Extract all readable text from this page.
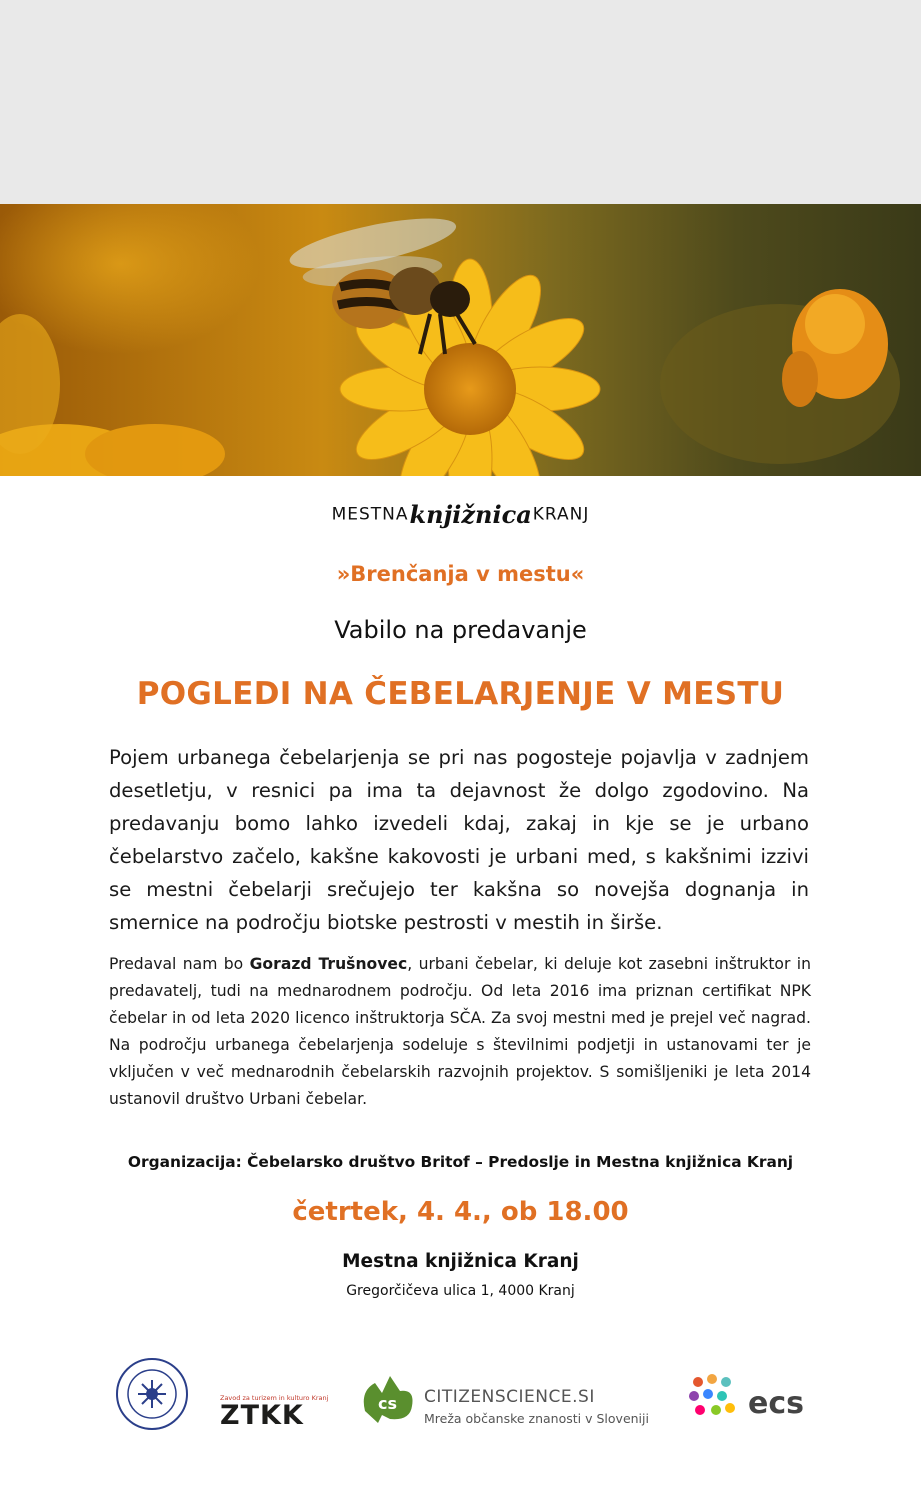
MESTNAknjižnicaKRANJ
»Brenčanja v mestu«
Vabilo na predavanje
POGLEDI NA ČEBELARJENJE V MESTU
Pojem urbanega čebelarjenja se pri nas pogosteje pojavlja v zadnjem desetletju, v resnici pa ima ta dejavnost že dolgo zgodovino. Na predavanju bomo lahko izvedeli kdaj, zakaj in kje se je urbano čebelarstvo začelo, kakšne kakovosti je urbani med, s kakšnimi izzivi se mestni čebelarji srečujejo ter kakšna so novejša dognanja in smernice na področju biotske pestrosti v mestih in širše.
Predaval nam bo Gorazd Trušnovec, urbani čebelar, ki deluje kot zasebni inštruktor in predavatelj, tudi na mednarodnem področju. Od leta 2016 ima priznan certifikat NPK čebelar in od leta 2020 licenco inštruktorja SČA. Za svoj mestni med je prejel več nagrad. Na področju urbanega čebelarjenja sodeluje s številnimi podjetji in ustanovami ter je vključen v več mednarodnih čebelarskih razvojnih projektov. S somišljeniki je leta 2014 ustanovil društvo Urbani čebelar.
Organizacija: Čebelarsko društvo Britof – Predoslje in Mestna knjižnica Kranj
četrtek, 4. 4., ob 18.00
Mestna knjižnica Kranj
Gregorčičeva ulica 1, 4000 Kranj
cs
Zavod za turizem in kulturo Kranj
ZTKK
CITIZENSCIENCE.SI
Mreža občanske znanosti v Sloveniji	ecs
